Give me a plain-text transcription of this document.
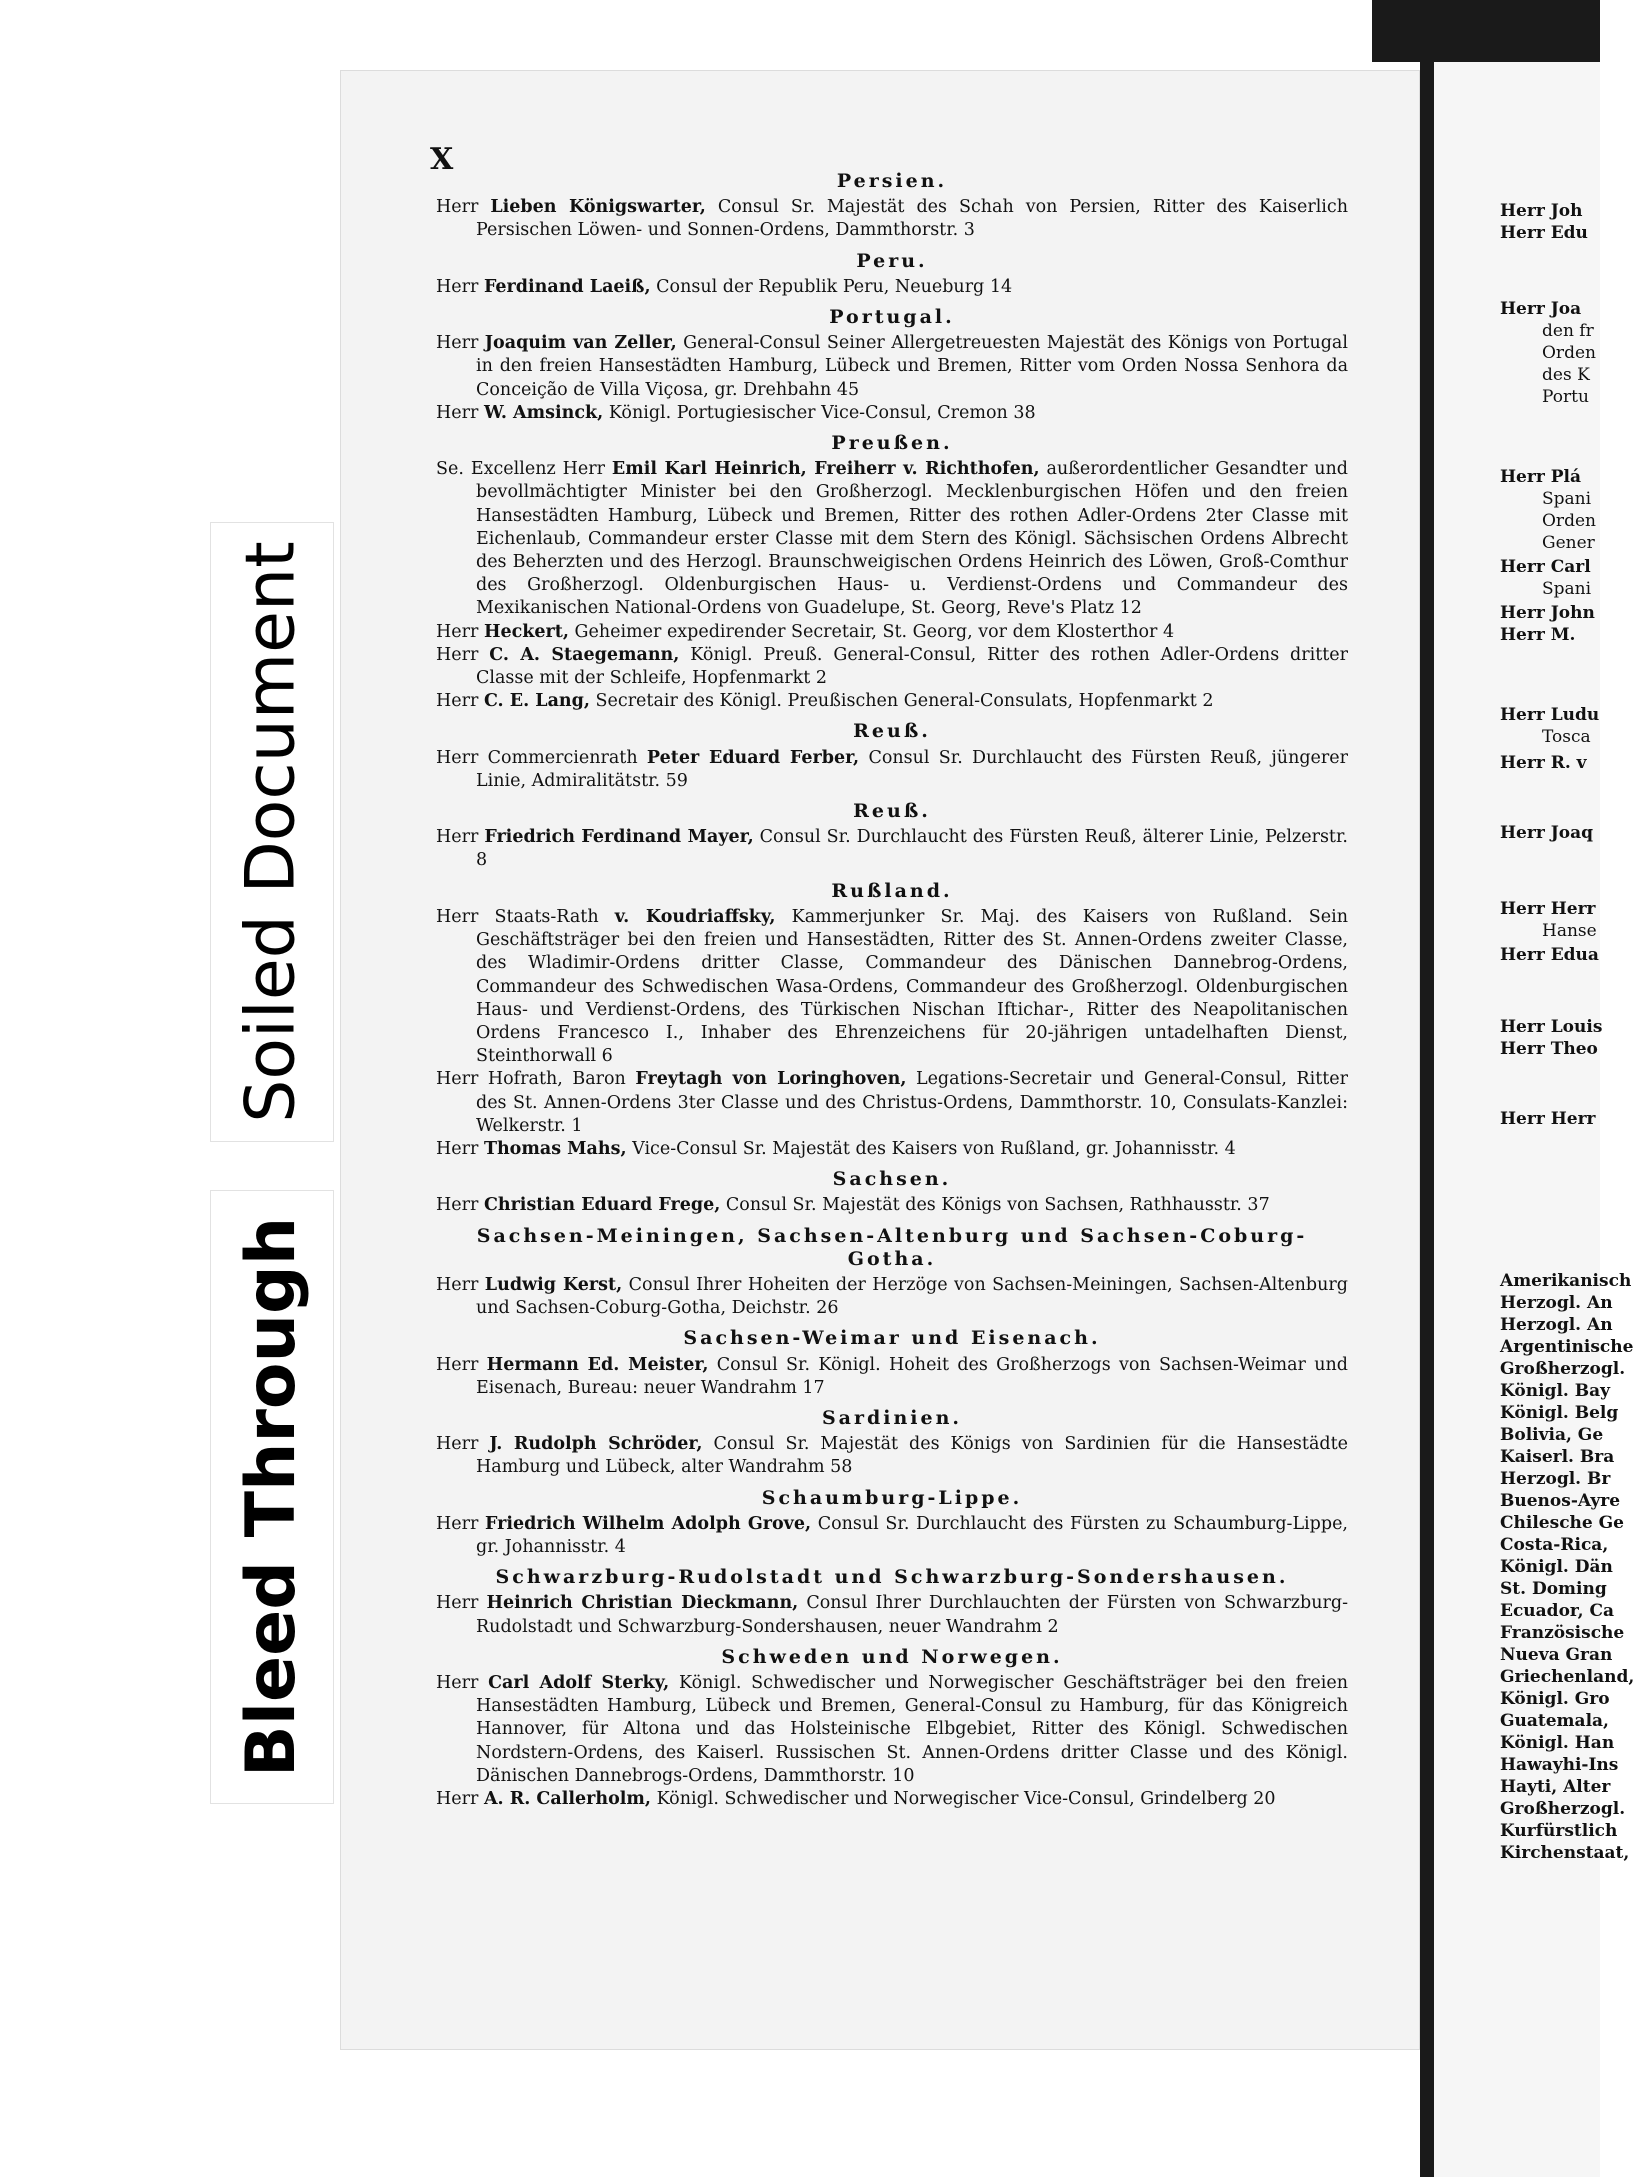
Soiled Document
Bleed Through
X
Persien.

Herr Lieben Königswarter, Consul Sr. Majestät des Schah von Persien, Ritter des Kaiserlich Persischen Löwen- und Sonnen-Ordens, Dammthorstr. 3

Peru.

Herr Ferdinand Laeiß, Consul der Republik Peru, Neueburg 14

Portugal.

Herr Joaquim van Zeller, General-Consul Seiner Allergetreuesten Majestät des Königs von Portugal in den freien Hansestädten Hamburg, Lübeck und Bremen, Ritter vom Orden Nossa Senhora da Conceição de Villa Viçosa, gr. Drehbahn 45

Herr W. Amsinck, Königl. Portugiesischer Vice-Consul, Cremon 38

Preußen.

Se. Excellenz Herr Emil Karl Heinrich, Freiherr v. Richthofen, außerordentlicher Gesandter und bevollmächtigter Minister bei den Großherzogl. Mecklenburgischen Höfen und den freien Hansestädten Hamburg, Lübeck und Bremen, Ritter des rothen Adler-Ordens 2ter Classe mit Eichenlaub, Commandeur erster Classe mit dem Stern des Königl. Sächsischen Ordens Albrecht des Beherzten und des Herzogl. Braunschweigischen Ordens Heinrich des Löwen, Groß-Comthur des Großherzogl. Oldenburgischen Haus- u. Verdienst-Ordens und Commandeur des Mexikanischen National-Ordens von Guadelupe, St. Georg, Reve's Platz 12

Herr Heckert, Geheimer expedirender Secretair, St. Georg, vor dem Klosterthor 4

Herr C. A. Staegemann, Königl. Preuß. General-Consul, Ritter des rothen Adler-Ordens dritter Classe mit der Schleife, Hopfenmarkt 2

Herr C. E. Lang, Secretair des Königl. Preußischen General-Consulats, Hopfenmarkt 2

Reuß.

Herr Commercienrath Peter Eduard Ferber, Consul Sr. Durchlaucht des Fürsten Reuß, jüngerer Linie, Admiralitätstr. 59

Reuß.

Herr Friedrich Ferdinand Mayer, Consul Sr. Durchlaucht des Fürsten Reuß, älterer Linie, Pelzerstr. 8

Rußland.

Herr Staats-Rath v. Koudriaffsky, Kammerjunker Sr. Maj. des Kaisers von Rußland. Sein Geschäftsträger bei den freien und Hansestädten, Ritter des St. Annen-Ordens zweiter Classe, des Wladimir-Ordens dritter Classe, Commandeur des Dänischen Dannebrog-Ordens, Commandeur des Schwedischen Wasa-Ordens, Commandeur des Großherzogl. Oldenburgischen Haus- und Verdienst-Ordens, des Türkischen Nischan Iftichar-, Ritter des Neapolitanischen Ordens Francesco I., Inhaber des Ehrenzeichens für 20-jährigen untadelhaften Dienst, Steinthorwall 6

Herr Hofrath, Baron Freytagh von Loringhoven, Legations-Secretair und General-Consul, Ritter des St. Annen-Ordens 3ter Classe und des Christus-Ordens, Dammthorstr. 10, Consulats-Kanzlei: Welkerstr. 1

Herr Thomas Mahs, Vice-Consul Sr. Majestät des Kaisers von Rußland, gr. Johannisstr. 4

Sachsen.

Herr Christian Eduard Frege, Consul Sr. Majestät des Königs von Sachsen, Rathhausstr. 37

Sachsen-Meiningen, Sachsen-Altenburg und Sachsen-Coburg-Gotha.

Herr Ludwig Kerst, Consul Ihrer Hoheiten der Herzöge von Sachsen-Meiningen, Sachsen-Altenburg und Sachsen-Coburg-Gotha, Deichstr. 26

Sachsen-Weimar und Eisenach.

Herr Hermann Ed. Meister, Consul Sr. Königl. Hoheit des Großherzogs von Sachsen-Weimar und Eisenach, Bureau: neuer Wandrahm 17

Sardinien.

Herr J. Rudolph Schröder, Consul Sr. Majestät des Königs von Sardinien für die Hansestädte Hamburg und Lübeck, alter Wandrahm 58

Schaumburg-Lippe.

Herr Friedrich Wilhelm Adolph Grove, Consul Sr. Durchlaucht des Fürsten zu Schaumburg-Lippe, gr. Johannisstr. 4

Schwarzburg-Rudolstadt und Schwarzburg-Sondershausen.

Herr Heinrich Christian Dieckmann, Consul Ihrer Durchlauchten der Fürsten von Schwarzburg-Rudolstadt und Schwarzburg-Sondershausen, neuer Wandrahm 2

Schweden und Norwegen.

Herr Carl Adolf Sterky, Königl. Schwedischer und Norwegischer Geschäftsträger bei den freien Hansestädten Hamburg, Lübeck und Bremen, General-Consul zu Hamburg, für das Königreich Hannover, für Altona und das Holsteinische Elbgebiet, Ritter des Königl. Schwedischen Nordstern-Ordens, des Kaiserl. Russischen St. Annen-Ordens dritter Classe und des Königl. Dänischen Dannebrogs-Ordens, Dammthorstr. 10

Herr A. R. Callerholm, Königl. Schwedischer und Norwegischer Vice-Consul, Grindelberg 20

Herr Joh
Herr Edu
Herr Joa
den fr
Orden
des K
Portu
Herr Plá
Spani
Orden
Gener
Herr Carl
Spani
Herr John
Herr M.
Herr Ludu
Tosca
Herr R. v
Herr Joaq
Herr Herr
Hanse
Herr Edua
Herr Louis
Herr Theo
Herr Herr
Amerikanisch
Herzogl. An
Herzogl. An
Argentinische
Großherzogl.
Königl. Bay
Königl. Belg
Bolivia, Ge
Kaiserl. Bra
Herzogl. Br
Buenos-Ayre
Chilesche Ge
Costa-Rica,
Königl. Dän
St. Doming
Ecuador, Ca
Französische
Nueva Gran
Griechenland,
Königl. Gro
Guatemala,
Königl. Han
Hawayhi-Ins
Hayti, Alter
Großherzogl.
Kurfürstlich
Kirchenstaat,
